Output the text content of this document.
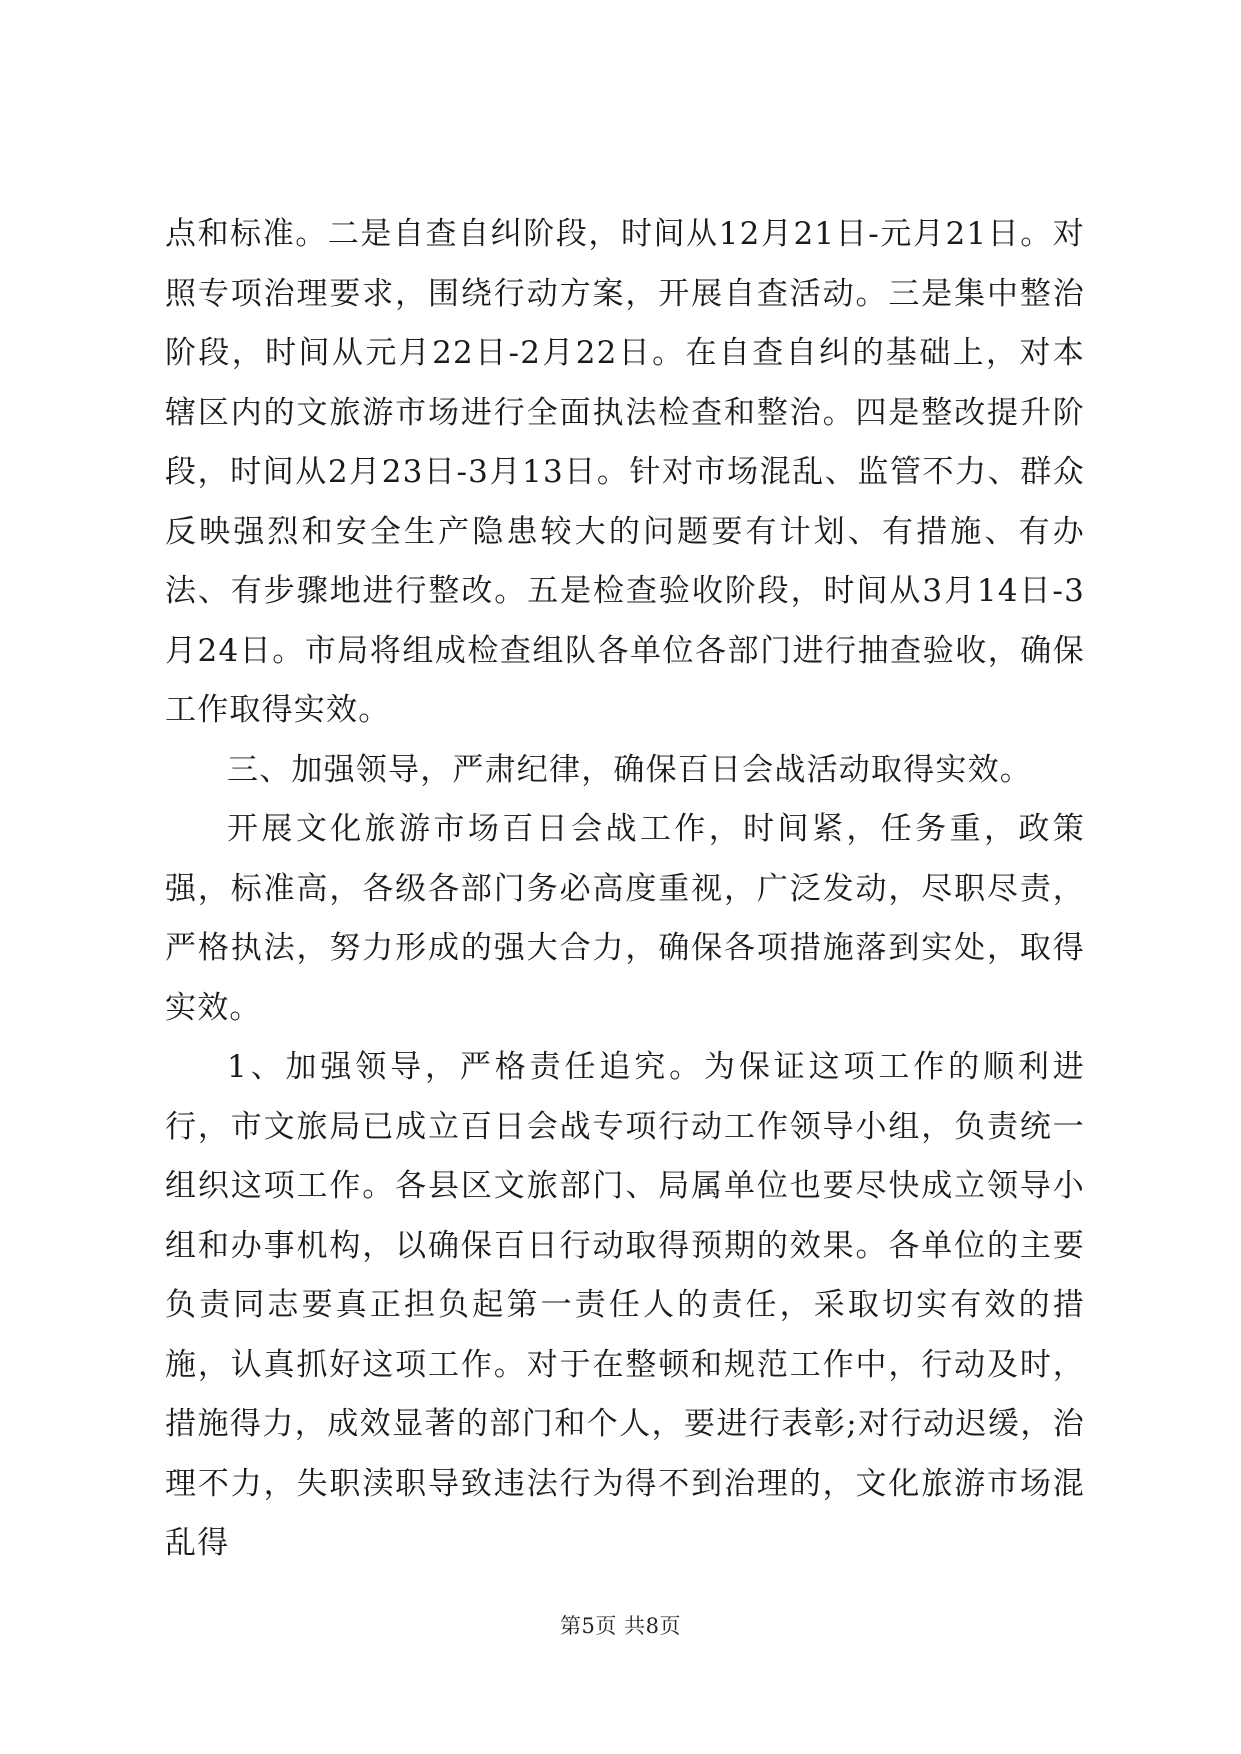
点和标准。二是自查自纠阶段，时间从12月21日-元月21日。对照专项治理要求，围绕行动方案，开展自查活动。三是集中整治阶段，时间从元月22日-2月22日。在自查自纠的基础上，对本辖区内的文旅游市场进行全面执法检查和整治。四是整改提升阶段，时间从2月23日-3月13日。针对市场混乱、监管不力、群众反映强烈和安全生产隐患较大的问题要有计划、有措施、有办法、有步骤地进行整改。五是检查验收阶段，时间从3月14日-3月24日。市局将组成检查组队各单位各部门进行抽查验收，确保工作取得实效。

三、加强领导，严肃纪律，确保百日会战活动取得实效。

开展文化旅游市场百日会战工作，时间紧，任务重，政策强，标准高，各级各部门务必高度重视，广泛发动，尽职尽责，严格执法，努力形成的强大合力，确保各项措施落到实处，取得实效。

1、加强领导，严格责任追究。为保证这项工作的顺利进行，市文旅局已成立百日会战专项行动工作领导小组，负责统一组织这项工作。各县区文旅部门、局属单位也要尽快成立领导小组和办事机构，以确保百日行动取得预期的效果。各单位的主要负责同志要真正担负起第一责任人的责任，采取切实有效的措施，认真抓好这项工作。对于在整顿和规范工作中，行动及时，措施得力，成效显著的部门和个人，要进行表彰;对行动迟缓，治理不力，失职渎职导致违法行为得不到治理的，文化旅游市场混乱得

第5页 共8页
